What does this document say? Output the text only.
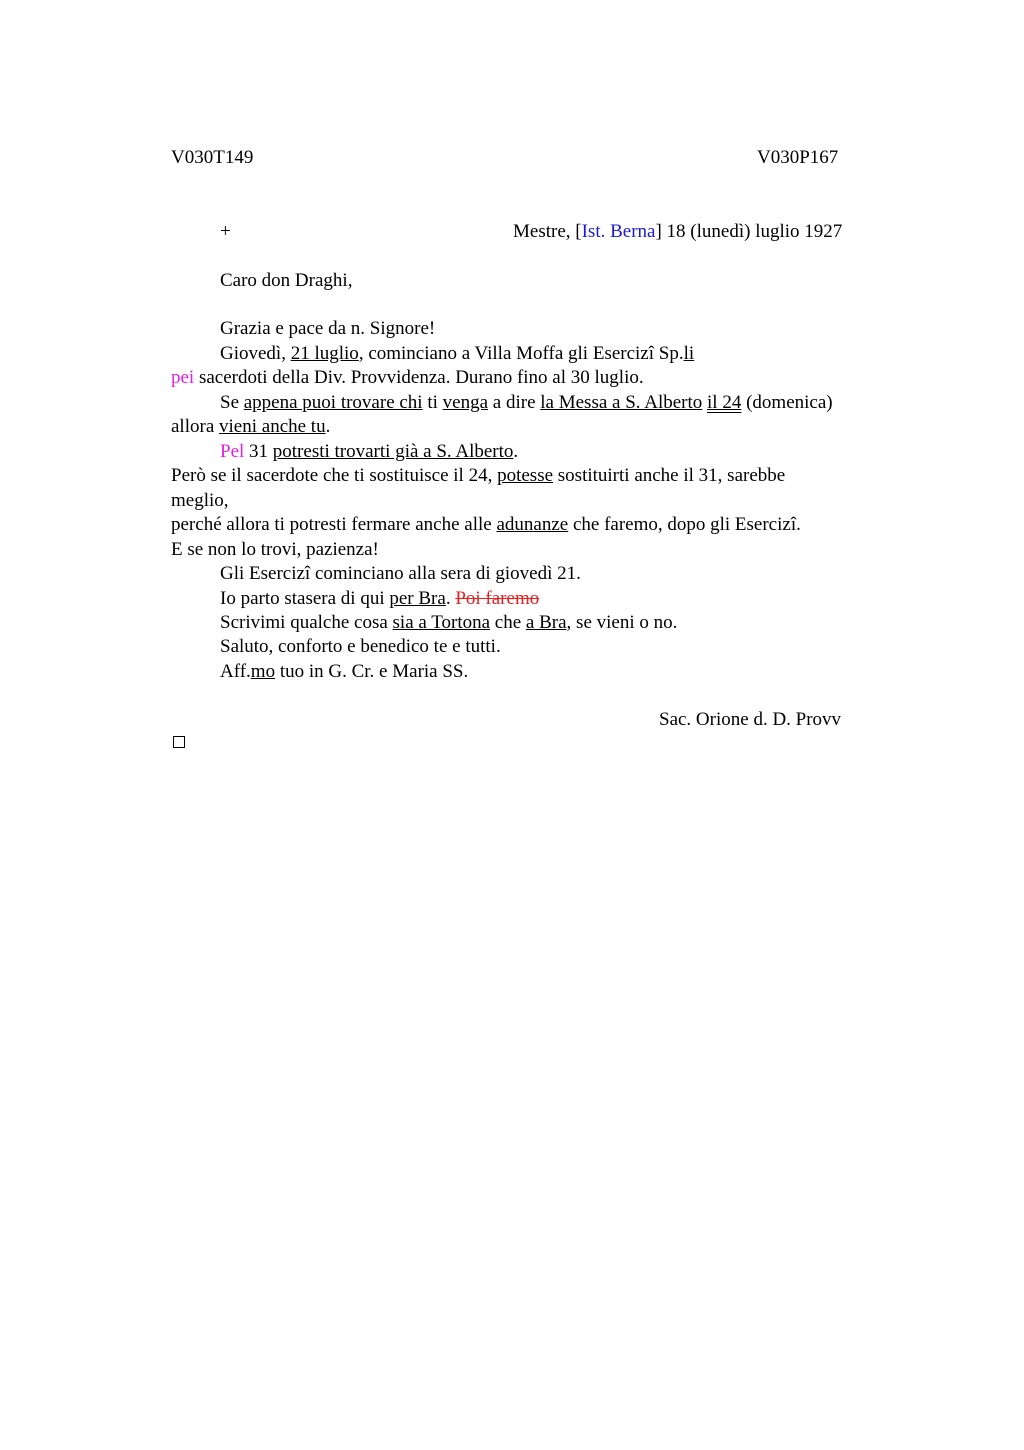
V030T149	V030P167
+	Mestre, [Ist. Berna] 18 (lunedì) luglio 1927
Caro don Draghi,
Grazia e pace da n. Signore!
Giovedì, 21 luglio, cominciano a Villa Moffa gli Esercizî Sp.li
pei sacerdoti della Div. Provvidenza. Durano fino al 30 luglio.
Se appena puoi trovare chi ti venga a dire la Messa a S. Alberto il 24 (domenica)
allora vieni anche tu.
Pel 31 potresti trovarti già a S. Alberto.
Però se il sacerdote che ti sostituisce il 24, potesse sostituirti anche il 31, sarebbe
meglio,
perché allora ti potresti fermare anche alle adunanze che faremo, dopo gli Esercizî.
E se non lo trovi, pazienza!
Gli Esercizî cominciano alla sera di giovedì 21.
Io parto stasera di qui per Bra. Poi faremo
Scrivimi qualche cosa sia a Tortona che a Bra, se vieni o no.
Saluto, conforto e benedico te e tutti.
Aff.mo tuo in G. Cr. e Maria SS.
Sac. Orione d. D. Provv
